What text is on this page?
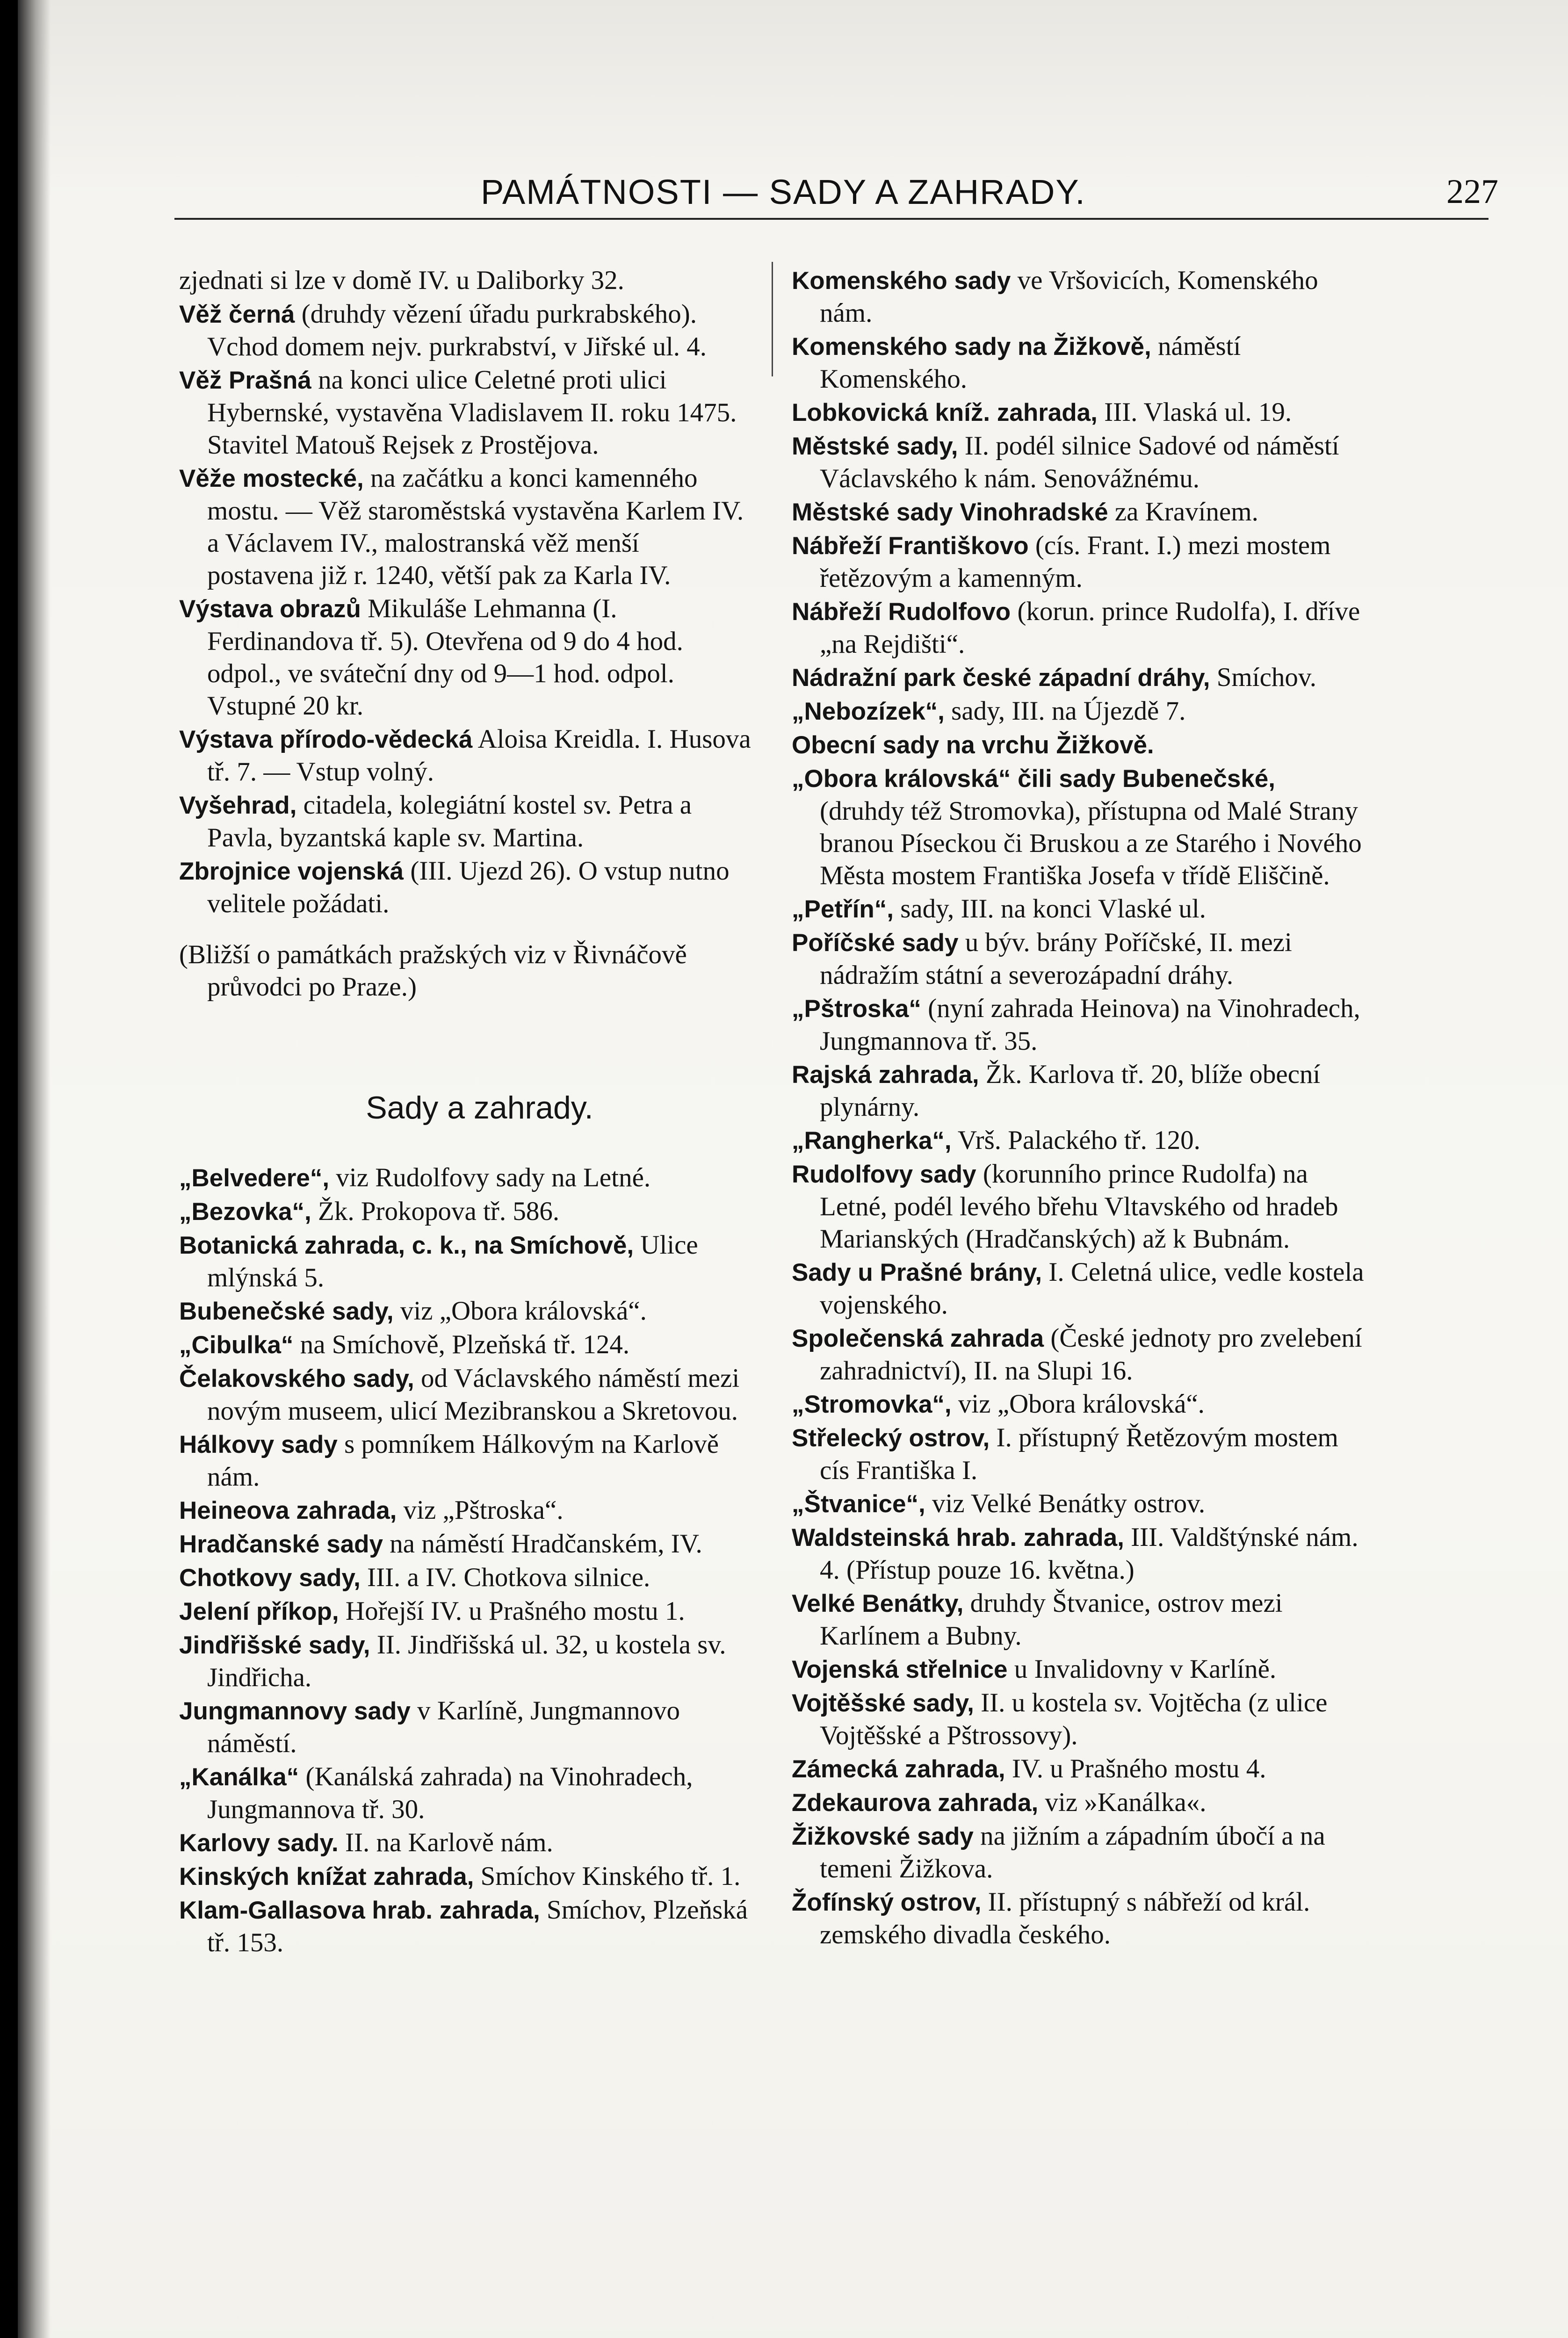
PAMÁTNOSTI — SADY A ZAHRADY.	227
zjednati si lze v domě IV. u Daliborky 32.
Věž černá (druhdy vězení úřadu purkrabského). Vchod domem nejv. purkrabství, v Jiřské ul. 4.
Věž Prašná na konci ulice Celetné proti ulici Hybernské, vystavěna Vladislavem II. roku 1475. Stavitel Matouš Rejsek z Prostějova.
Věže mostecké, na začátku a konci kamenného mostu. — Věž staroměstská vystavěna Karlem IV. a Václavem IV., malostranská věž menší postavena již r. 1240, větší pak za Karla IV.
Výstava obrazů Mikuláše Lehmanna (I. Ferdinandova tř. 5). Otevřena od 9 do 4 hod. odpol., ve sváteční dny od 9—1 hod. odpol. Vstupné 20 kr.
Výstava přírodo-vědecká Aloisa Kreidla. I. Husova tř. 7. — Vstup volný.
Vyšehrad, citadela, kolegiátní kostel sv. Petra a Pavla, byzantská kaple sv. Martina.
Zbrojnice vojenská (III. Ujezd 26). O vstup nutno velitele požádati.
(Bližší o památkách pražských viz v Řivnáčově průvodci po Praze.)
Sady a zahrady.
„Belvedere“, viz Rudolfovy sady na Letné.
„Bezovka“, Žk. Prokopova tř. 586.
Botanická zahrada, c. k., na Smíchově, Ulice mlýnská 5.
Bubenečské sady, viz „Obora královská“.
„Cibulka“ na Smíchově, Plzeňská tř. 124.
Čelakovského sady, od Václavského náměstí mezi novým museem, ulicí Mezibranskou a Skretovou.
Hálkovy sady s pomníkem Hálkovým na Karlově nám.
Heineova zahrada, viz „Pštroska“.
Hradčanské sady na náměstí Hradčanském, IV.
Chotkovy sady, III. a IV. Chotkova silnice.
Jelení příkop, Hořejší IV. u Prašného mostu 1.
Jindřišské sady, II. Jindřišská ul. 32, u kostela sv. Jindřicha.
Jungmannovy sady v Karlíně, Jungmannovo náměstí.
„Kanálka“ (Kanálská zahrada) na Vinohradech, Jungmannova tř. 30.
Karlovy sady. II. na Karlově nám.
Kinských knížat zahrada, Smíchov Kinského tř. 1.
Klam-Gallasova hrab. zahrada, Smíchov, Plzeňská tř. 153.
Komenského sady ve Vršovicích, Komenského nám.
Komenského sady na Žižkově, náměstí Komenského.
Lobkovická kníž. zahrada, III. Vlaská ul. 19.
Městské sady, II. podél silnice Sadové od náměstí Václavského k nám. Senovážnému.
Městské sady Vinohradské za Kravínem.
Nábřeží Františkovo (cís. Frant. I.) mezi mostem řetězovým a kamenným.
Nábřeží Rudolfovo (korun. prince Rudolfa), I. dříve „na Rejdišti“.
Nádražní park české západní dráhy, Smíchov.
„Nebozízek“, sady, III. na Újezdě 7.
Obecní sady na vrchu Žižkově.
„Obora královská“ čili sady Bubenečské, (druhdy též Stromovka), přístupna od Malé Strany branou Píseckou či Bruskou a ze Starého i Nového Města mostem Františka Josefa v třídě Eliščině.
„Petřín“, sady, III. na konci Vlaské ul.
Poříčské sady u býv. brány Poříčské, II. mezi nádražím státní a severozápadní dráhy.
„Pštroska“ (nyní zahrada Heinova) na Vinohradech, Jungmannova tř. 35.
Rajská zahrada, Žk. Karlova tř. 20, blíže obecní plynárny.
„Rangherka“, Vrš. Palackého tř. 120.
Rudolfovy sady (korunního prince Rudolfa) na Letné, podél levého břehu Vltavského od hradeb Marianských (Hradčanských) až k Bubnám.
Sady u Prašné brány, I. Celetná ulice, vedle kostela vojenského.
Společenská zahrada (České jednoty pro zvelebení zahradnictví), II. na Slupi 16.
„Stromovka“, viz „Obora královská“.
Střelecký ostrov, I. přístupný Řetězovým mostem cís Františka I.
„Štvanice“, viz Velké Benátky ostrov.
Waldsteinská hrab. zahrada, III. Valdštýnské nám. 4. (Přístup pouze 16. května.)
Velké Benátky, druhdy Štvanice, ostrov mezi Karlínem a Bubny.
Vojenská střelnice u Invalidovny v Karlíně.
Vojtěšské sady, II. u kostela sv. Vojtěcha (z ulice Vojtěšské a Pštrossovy).
Zámecká zahrada, IV. u Prašného mostu 4.
Zdekaurova zahrada, viz »Kanálka«.
Žižkovské sady na jižním a západním úbočí a na temeni Žižkova.
Žofínský ostrov, II. přístupný s nábřeží od král. zemského divadla českého.
